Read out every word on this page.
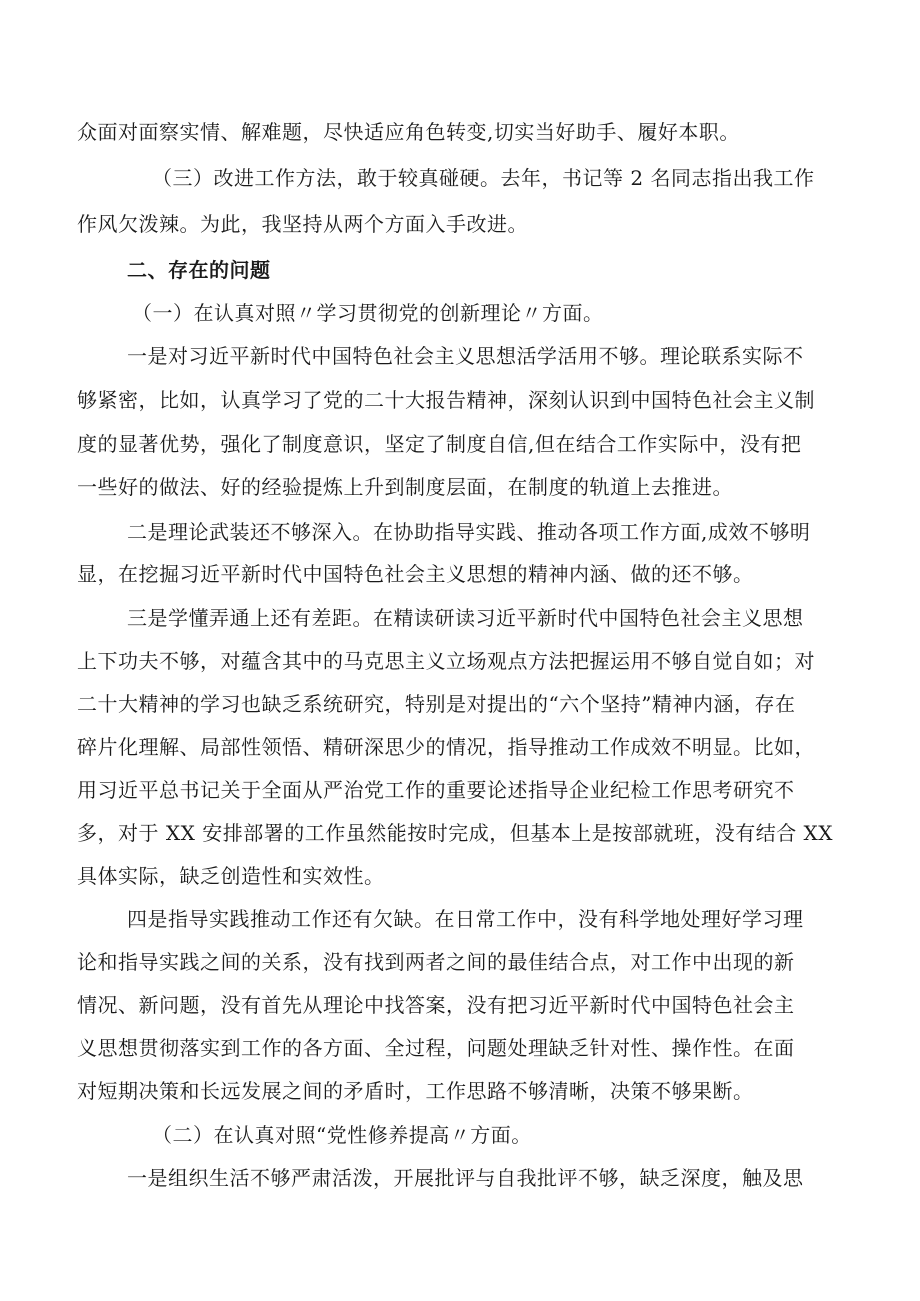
众面对面察实情、解难题，尽快适应角色转变,切实当好助手、履好本职。
（三）改进工作方法，敢于较真碰硬。去年，书记等 2 名同志指出我工作
作风欠泼辣。为此，我坚持从两个方面入手改进。
二、存在的问题
（一）在认真对照〃学习贯彻党的创新理论〃方面。
一是对习近平新时代中国特色社会主义思想活学活用不够。理论联系实际不
够紧密，比如，认真学习了党的二十大报告精神，深刻认识到中国特色社会主义制
度的显著优势，强化了制度意识，坚定了制度自信,但在结合工作实际中，没有把
一些好的做法、好的经验提炼上升到制度层面，在制度的轨道上去推进。
二是理论武装还不够深入。在协助指导实践、推动各项工作方面,成效不够明
显，在挖掘习近平新时代中国特色社会主义思想的精神内涵、做的还不够。
三是学懂弄通上还有差距。在精读研读习近平新时代中国特色社会主义思想
上下功夫不够，对蕴含其中的马克思主义立场观点方法把握运用不够自觉自如；对
二十大精神的学习也缺乏系统研究，特别是对提出的“六个坚持”精神内涵，存在
碎片化理解、局部性领悟、精研深思少的情况，指导推动工作成效不明显。比如，
用习近平总书记关于全面从严治党工作的重要论述指导企业纪检工作思考研究不
多，对于 XX 安排部署的工作虽然能按时完成，但基本上是按部就班，没有结合 XX
具体实际，缺乏创造性和实效性。
四是指导实践推动工作还有欠缺。在日常工作中，没有科学地处理好学习理
论和指导实践之间的关系，没有找到两者之间的最佳结合点，对工作中出现的新
情况、新问题，没有首先从理论中找答案，没有把习近平新时代中国特色社会主
义思想贯彻落实到工作的各方面、全过程，问题处理缺乏针对性、操作性。在面
对短期决策和长远发展之间的矛盾时，工作思路不够清晰，决策不够果断。
（二）在认真对照“党性修养提高〃方面。
一是组织生活不够严肃活泼，开展批评与自我批评不够，缺乏深度，触及思
